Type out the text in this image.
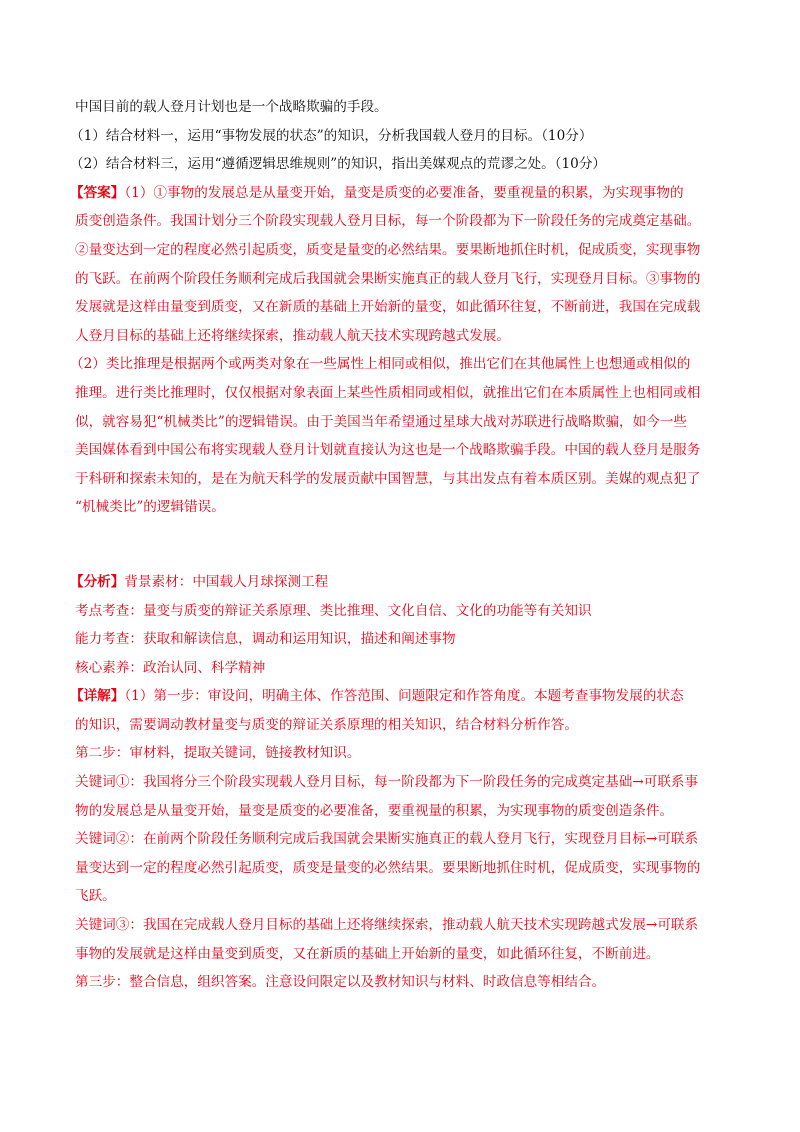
中国目前的载人登月计划也是一个战略欺骗的手段。
（1）结合材料一，运用“事物发展的状态”的知识，分析我国载人登月的目标。（10分）
（2）结合材料三，运用“遵循逻辑思维规则”的知识，指出美媒观点的荒谬之处。（10分）
【答案】（1）①事物的发展总是从量变开始，量变是质变的必要准备，要重视量的积累，为实现事物的
质变创造条件。我国计划分三个阶段实现载人登月目标，每一个阶段都为下一阶段任务的完成奠定基础。
②量变达到一定的程度必然引起质变，质变是量变的必然结果。要果断地抓住时机，促成质变，实现事物
的飞跃。在前两个阶段任务顺利完成后我国就会果断实施真正的载人登月飞行，实现登月目标。③事物的
发展就是这样由量变到质变，又在新质的基础上开始新的量变，如此循环往复，不断前进，我国在完成载
人登月目标的基础上还将继续探索，推动载人航天技术实现跨越式发展。
（2）类比推理是根据两个或两类对象在一些属性上相同或相似，推出它们在其他属性上也想通或相似的
推理。进行类比推理时，仅仅根据对象表面上某些性质相同或相似，就推出它们在本质属性上也相同或相
似，就容易犯“机械类比”的逻辑错误。由于美国当年希望通过星球大战对苏联进行战略欺骗，如今一些
美国媒体看到中国公布将实现载人登月计划就直接认为这也是一个战略欺骗手段。中国的载人登月是服务
于科研和探索未知的，是在为航天科学的发展贡献中国智慧，与其出发点有着本质区别。美媒的观点犯了
“机械类比”的逻辑错误。
【分析】背景素材：中国载人月球探测工程
考点考查：量变与质变的辩证关系原理、类比推理、文化自信、文化的功能等有关知识
能力考查：获取和解读信息，调动和运用知识，描述和阐述事物
核心素养：政治认同、科学精神
【详解】（1）第一步：审设问，明确主体、作答范围、问题限定和作答角度。本题考查事物发展的状态
的知识，需要调动教材量变与质变的辩证关系原理的相关知识，结合材料分析作答。
第二步：审材料，提取关键词，链接教材知识。
关键词①：我国将分三个阶段实现载人登月目标，每一阶段都为下一阶段任务的完成奠定基础→可联系事
物的发展总是从量变开始，量变是质变的必要准备，要重视量的积累，为实现事物的质变创造条件。
关键词②：在前两个阶段任务顺利完成后我国就会果断实施真正的载人登月飞行，实现登月目标→可联系
量变达到一定的程度必然引起质变，质变是量变的必然结果。要果断地抓住时机，促成质变，实现事物的
飞跃。
关键词③：我国在完成载人登月目标的基础上还将继续探索，推动载人航天技术实现跨越式发展→可联系
事物的发展就是这样由量变到质变，又在新质的基础上开始新的量变，如此循环往复，不断前进。
第三步：整合信息，组织答案。注意设问限定以及教材知识与材料、时政信息等相结合。
